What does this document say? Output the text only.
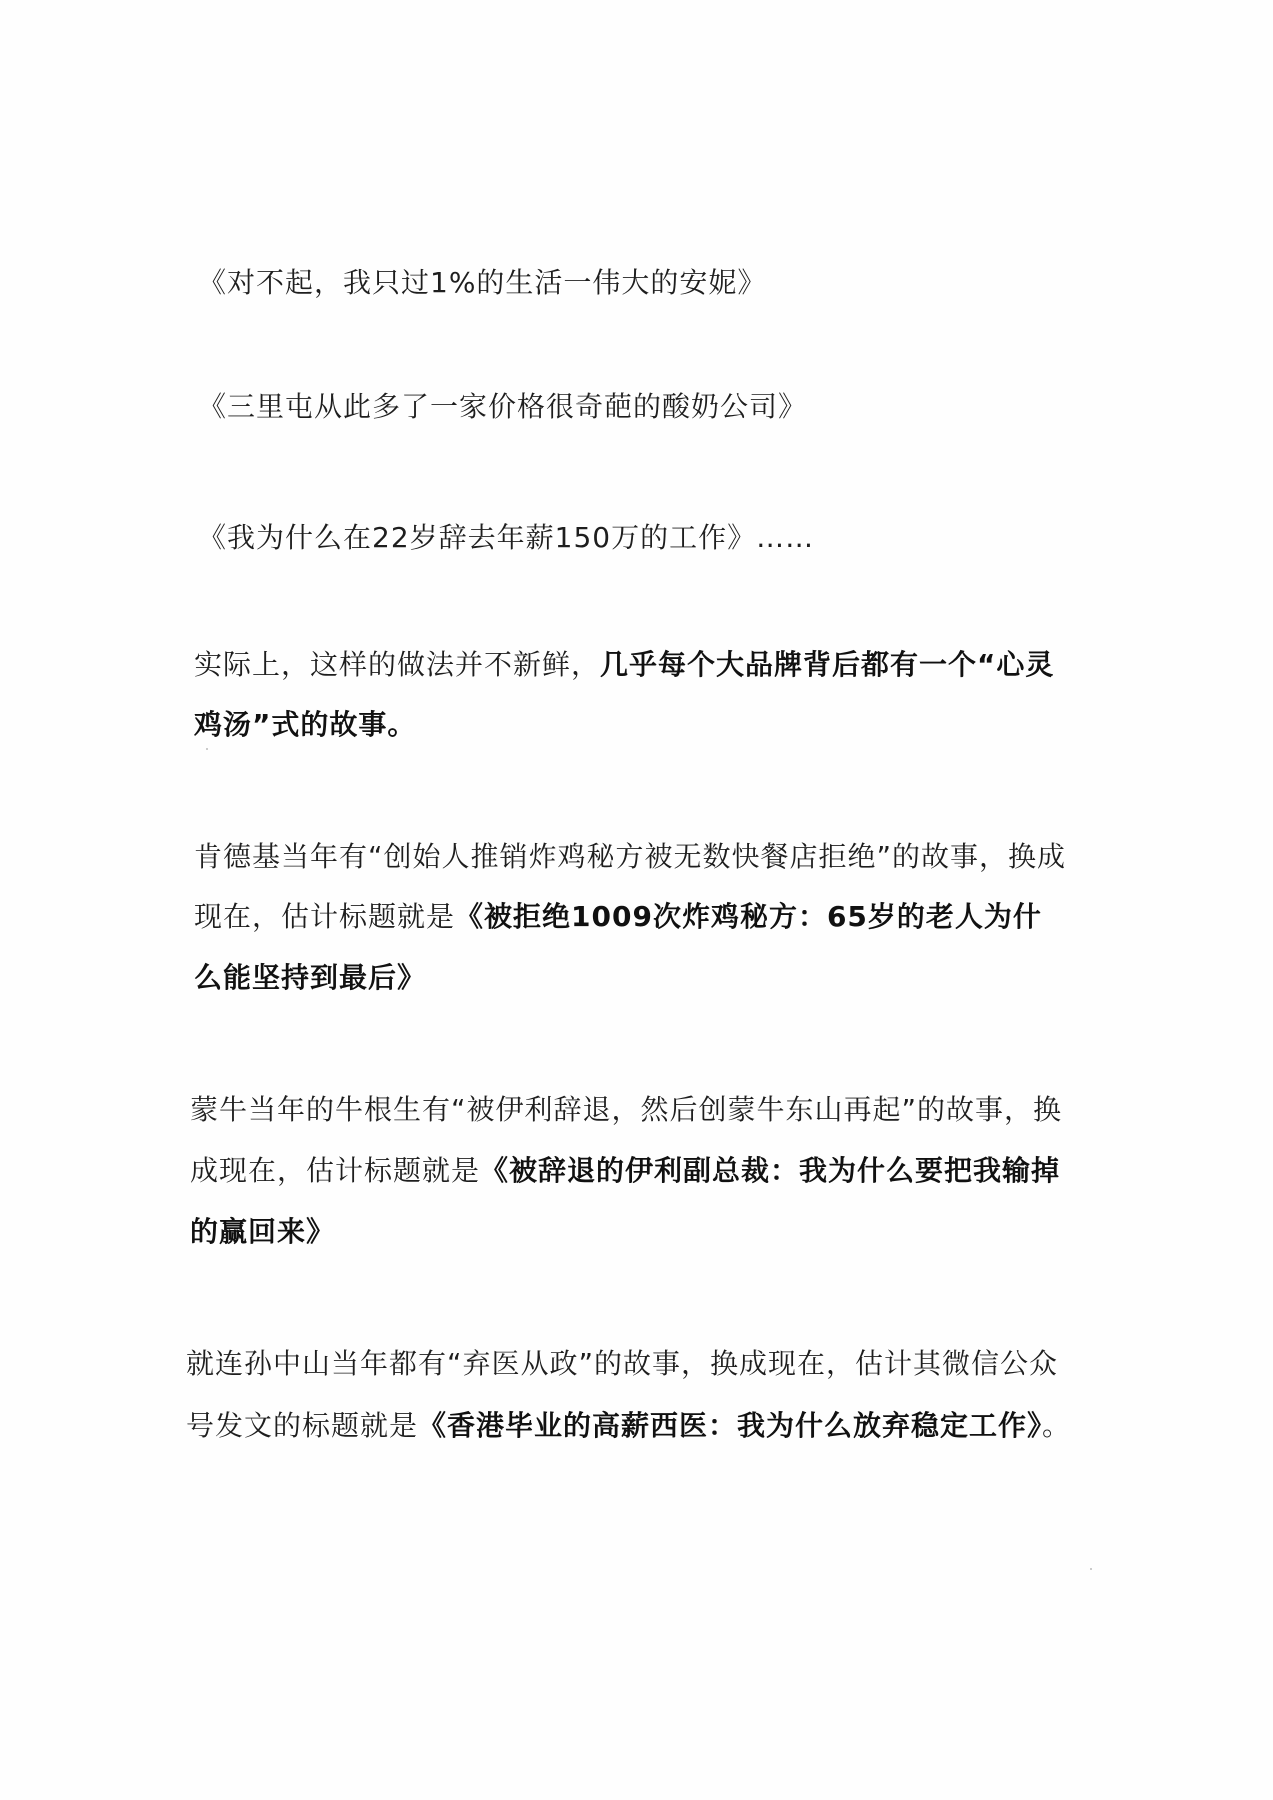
《对不起，我只过1%的生活一伟大的安妮》
《三里屯从此多了一家价格很奇葩的酸奶公司》
《我为什么在22岁辞去年薪150万的工作》……
实际上，这样的做法并不新鲜，几乎每个大品牌背后都有一个“心灵
鸡汤”式的故事。
肯德基当年有“创始人推销炸鸡秘方被无数快餐店拒绝”的故事，换成
现在，估计标题就是《被拒绝1009次炸鸡秘方：65岁的老人为什
么能坚持到最后》
蒙牛当年的牛根生有“被伊利辞退，然后创蒙牛东山再起”的故事，换
成现在，估计标题就是《被辞退的伊利副总裁：我为什么要把我输掉
的赢回来》
就连孙中山当年都有“弃医从政”的故事，换成现在，估计其微信公众
号发文的标题就是《香港毕业的高薪西医：我为什么放弃稳定工作》。
